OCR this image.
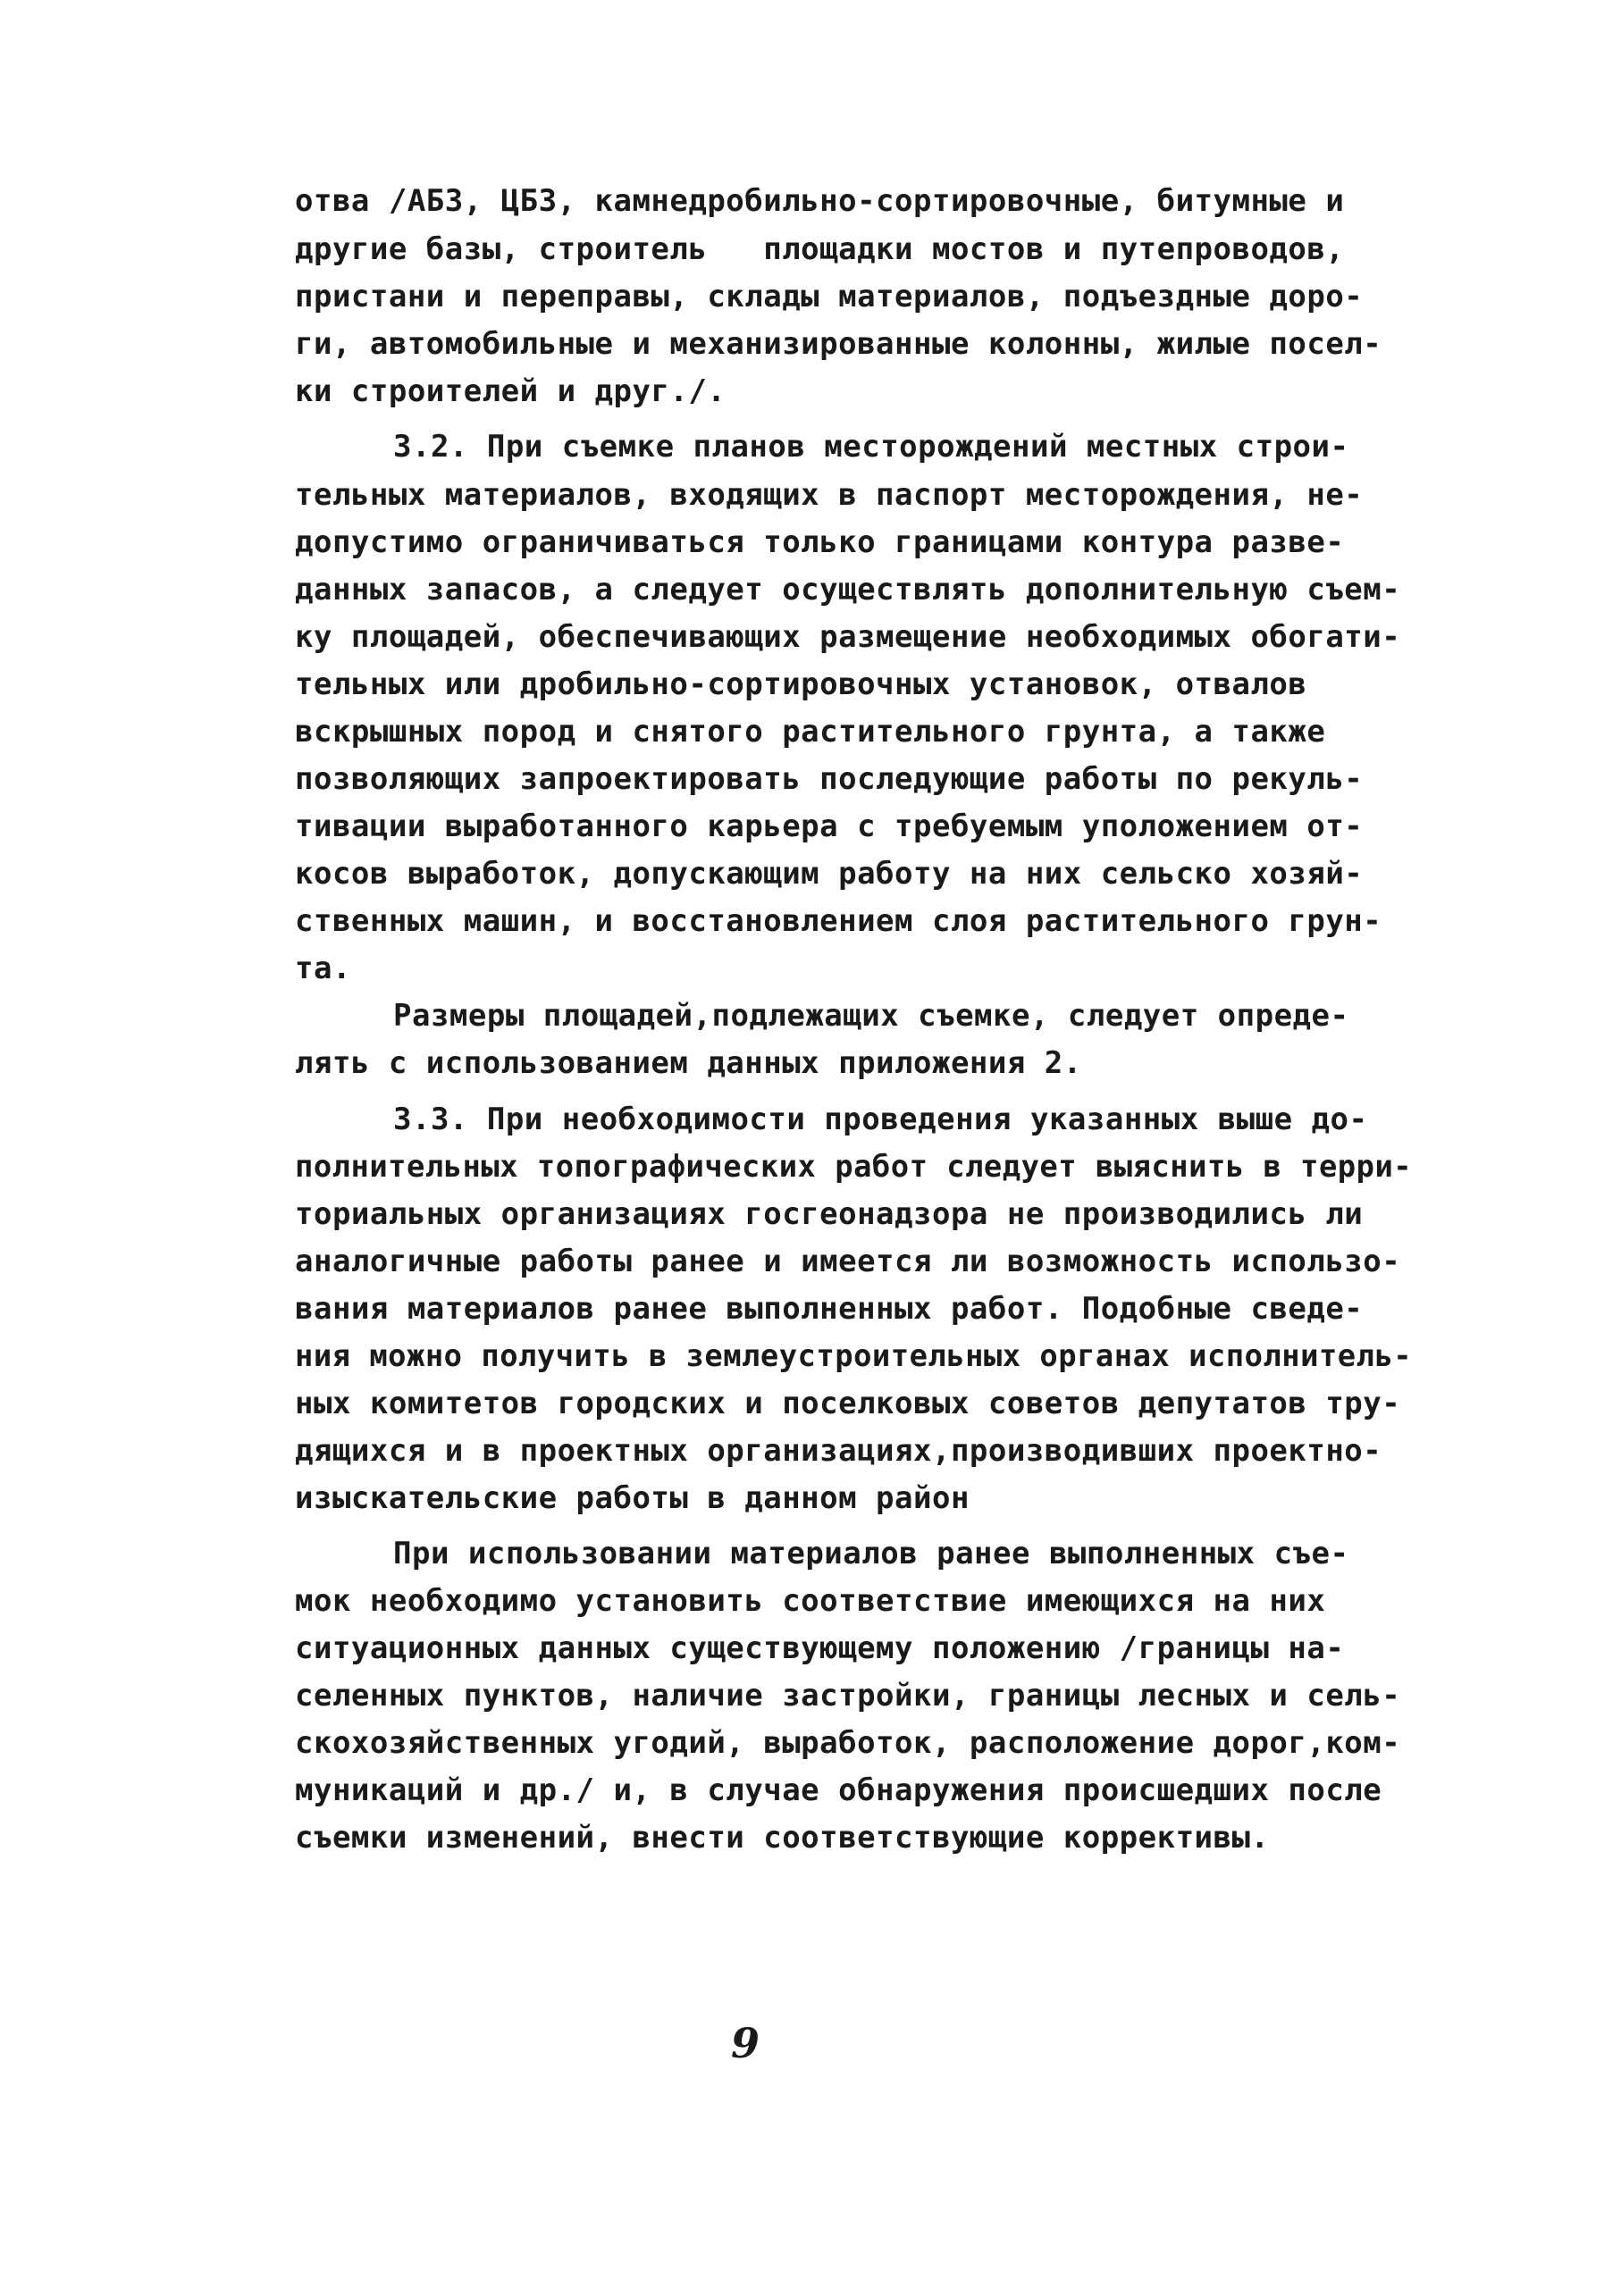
отва /АБЗ, ЦБЗ, камнедробильно-сортировочные, битумные и
другие базы, строитель   площадки мостов и путепроводов,
пристани и переправы, склады материалов, подъездные доро-
ги, автомобильные и механизированные колонны, жилые посел-
ки строителей и друг./.
3.2. При съемке планов месторождений местных строи-
тельных материалов, входящих в паспорт месторождения, не-
допустимо ограничиваться только границами контура разве-
данных запасов, а следует осуществлять дополнительную съем-
ку площадей, обеспечивающих размещение необходимых обогати-
тельных или дробильно-сортировочных установок, отвалов
вскрышных пород и снятого растительного грунта, а также
позволяющих запроектировать последующие работы по рекуль-
тивации выработанного карьера с требуемым уположением от-
косов выработок, допускающим работу на них сельско хозяй-
ственных машин, и восстановлением слоя растительного грун-
та.
Размеры площадей,подлежащих съемке, следует опреде-
лять с использованием данных приложения 2.
3.3. При необходимости проведения указанных выше до-
полнительных топографических работ следует выяснить в терри-
ториальных организациях госгеонадзора не производились ли
аналогичные работы ранее и имеется ли возможность использо-
вания материалов ранее выполненных работ. Подобные сведе-
ния можно получить в землеустроительных органах исполнитель-
ных комитетов городских и поселковых советов депутатов тру-
дящихся и в проектных организациях,производивших проектно-
изыскательские работы в данном район
При использовании материалов ранее выполненных съе-
мок необходимо установить соответствие имеющихся на них
ситуационных данных существующему положению /границы на-
селенных пунктов, наличие застройки, границы лесных и сель-
скохозяйственных угодий, выработок, расположение дорог,ком-
муникаций и др./ и, в случае обнаружения происшедших после
съемки изменений, внести соответствующие коррективы.
9
